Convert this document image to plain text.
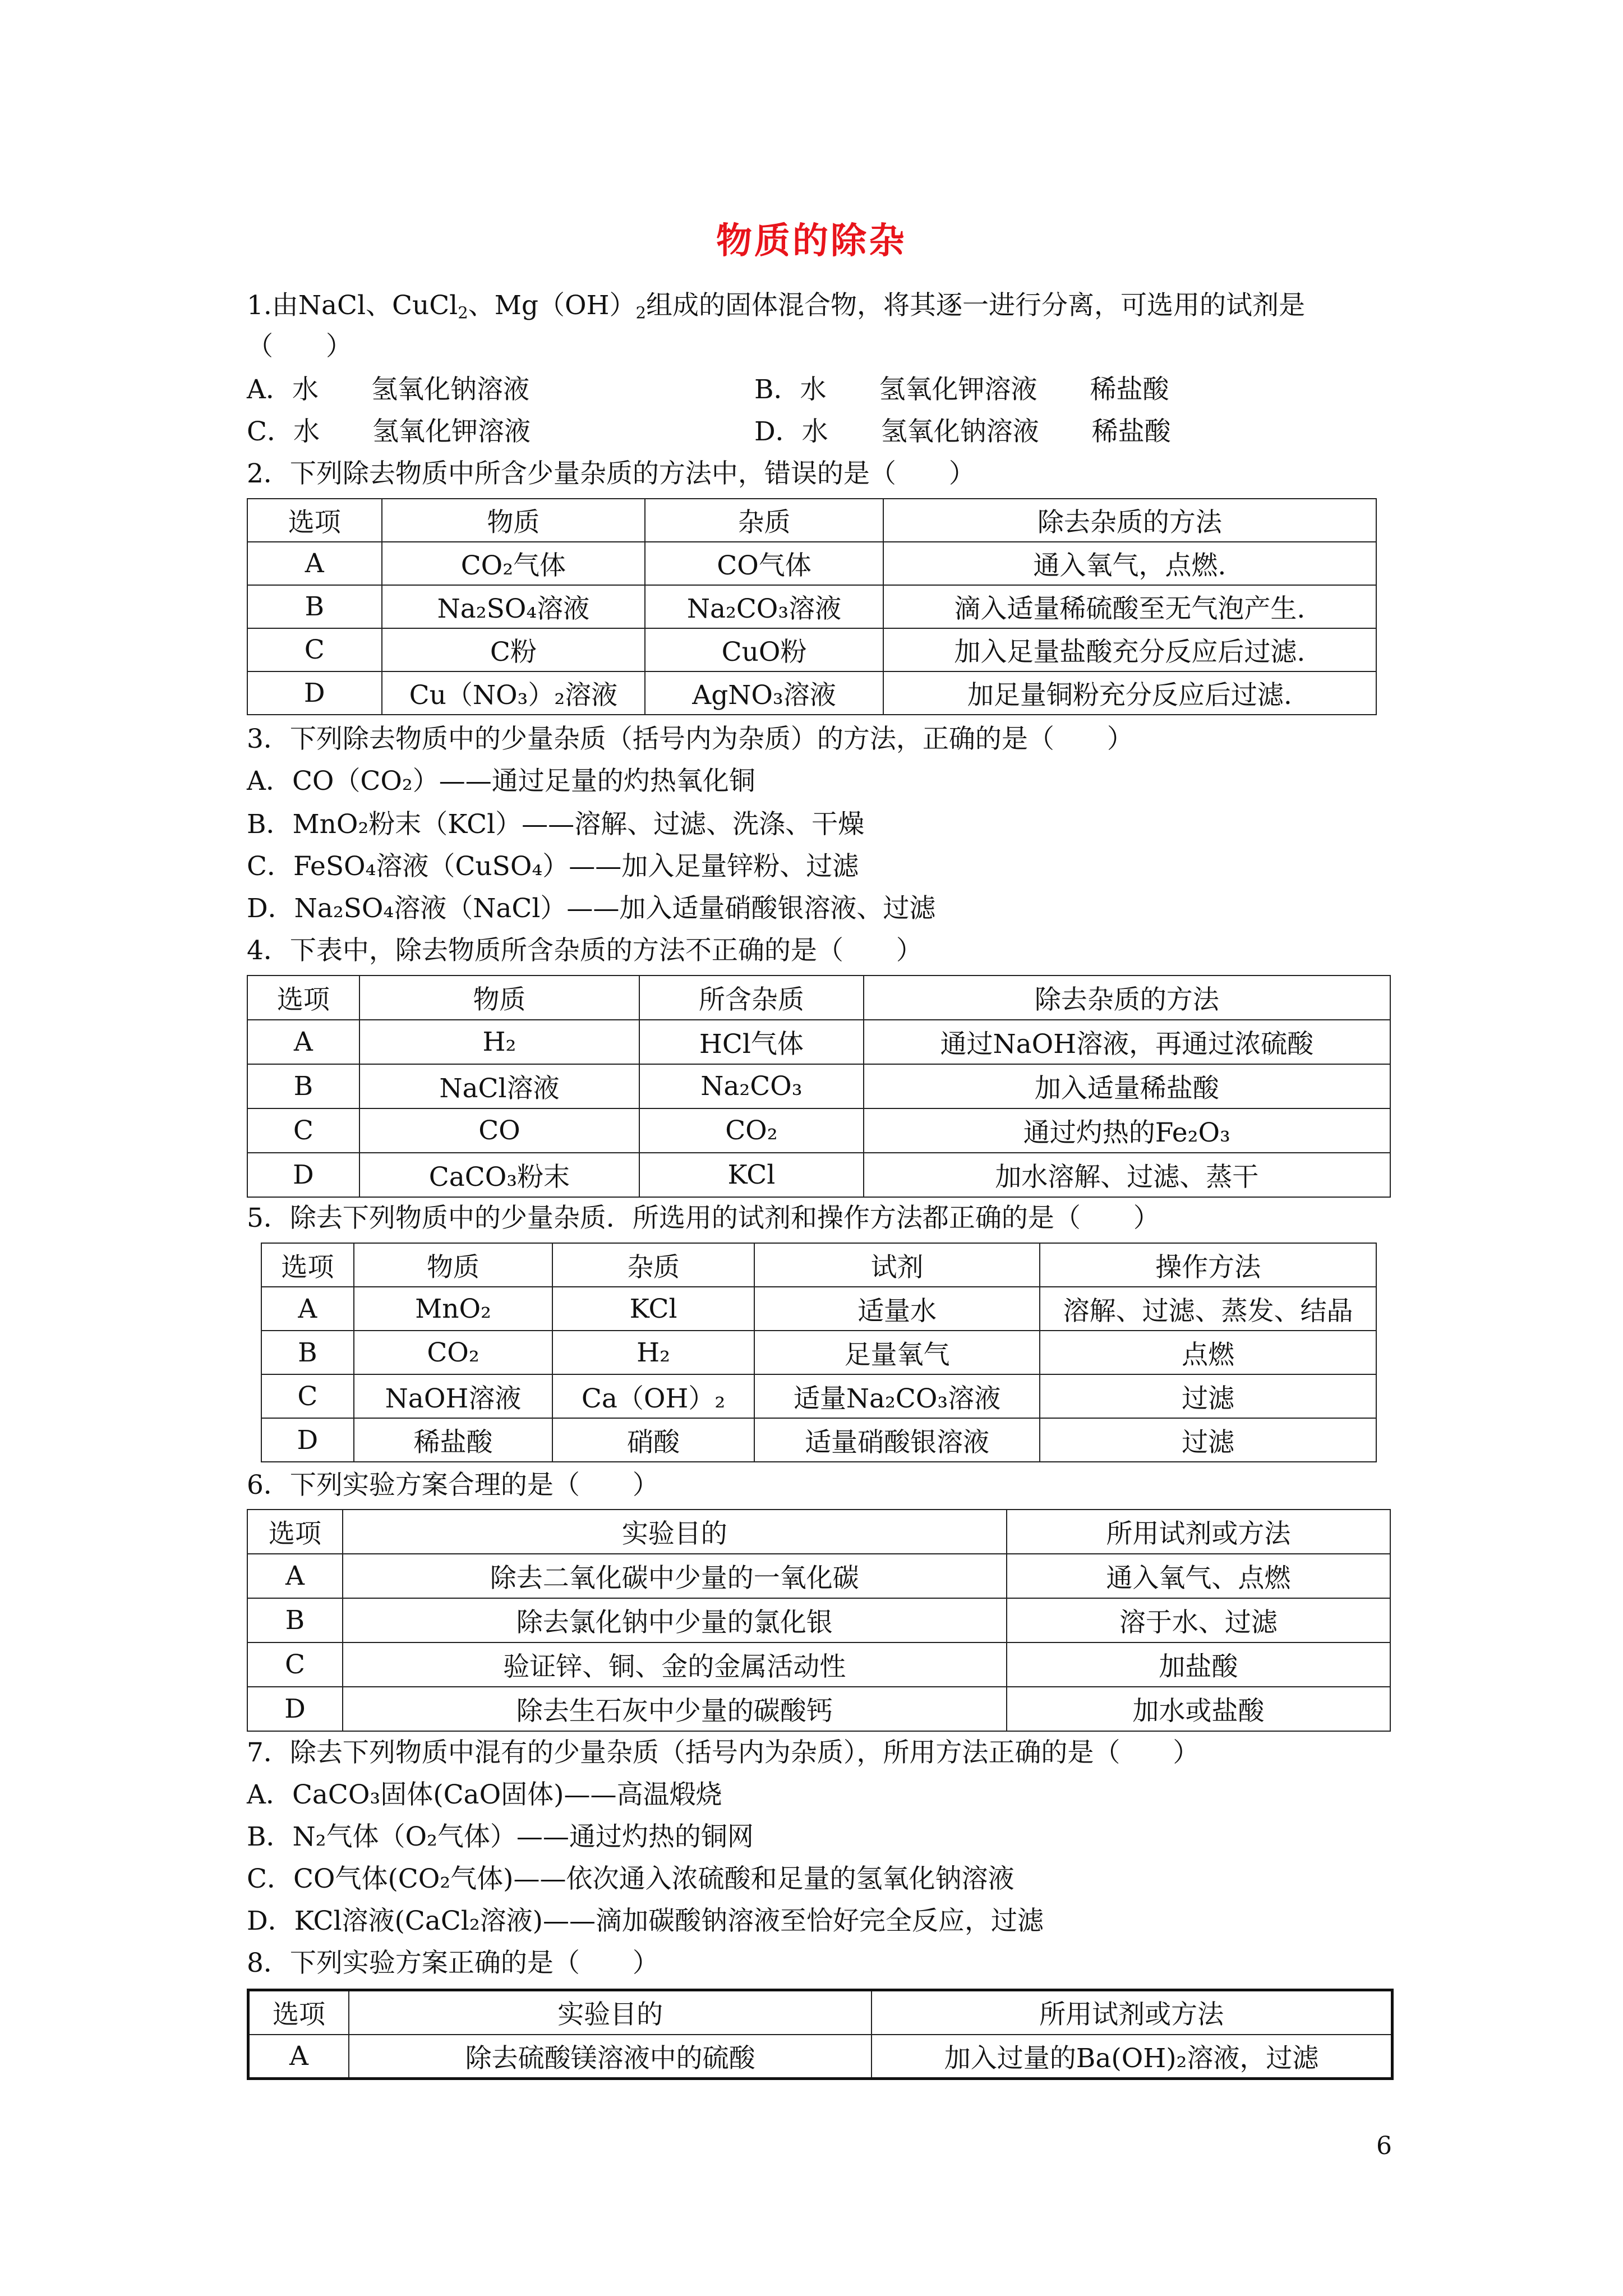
物质的除杂
1.由NaCl、CuCl$_2$、$Mg(OH)_2$组成的固体混合物，将其逐一进行分离，可选用的试剂是
（　　）
A．水　　氢氧化钠溶液	B．水　　氢氧化钾溶液　　稀盐酸
C．水　　氢氧化钾溶液	D．水　　氢氧化钠溶液　　稀盐酸
2．下列除去物质中所含少量杂质的方法中，错误的是（　　）
选项	物质	杂质	除去杂质的方法
A	CO₂气体	CO气体	通入氧气，点燃.
B	Na₂SO₄溶液	Na₂CO₃溶液	滴入适量稀硫酸至无气泡产生.
C	C粉	CuO粉	加入足量盐酸充分反应后过滤.
D	Cu（NO₃）₂溶液	AgNO₃溶液	加足量铜粉充分反应后过滤.
3．下列除去物质中的少量杂质（括号内为杂质）的方法，正确的是（　　）
A．CO（CO₂）——通过足量的灼热氧化铜
B．MnO₂粉末（KCl）——溶解、过滤、洗涤、干燥
C．FeSO₄溶液（CuSO₄）——加入足量锌粉、过滤
D．Na₂SO₄溶液（NaCl）——加入适量硝酸银溶液、过滤
4．下表中，除去物质所含杂质的方法不正确的是（　　）
选项	物质	所含杂质	除去杂质的方法
A	H₂	HCl气体	通过NaOH溶液，再通过浓硫酸
B	NaCl溶液	Na₂CO₃	加入适量稀盐酸
C	CO	CO₂	通过灼热的Fe₂O₃
D	CaCO₃粉末	KCl	加水溶解、过滤、蒸干
5．除去下列物质中的少量杂质．所选用的试剂和操作方法都正确的是（　　）
选项	物质	杂质	试剂	操作方法
A	MnO₂	KCl	适量水	溶解、过滤、蒸发、结晶
B	CO₂	H₂	足量氧气	点燃
C	NaOH溶液	Ca（OH）₂	适量Na₂CO₃溶液	过滤
D	稀盐酸	硝酸	适量硝酸银溶液	过滤
6．下列实验方案合理的是（　　）
选项	实验目的	所用试剂或方法
A	除去二氧化碳中少量的一氧化碳	通入氧气、点燃
B	除去氯化钠中少量的氯化银	溶于水、过滤
C	验证锌、铜、金的金属活动性	加盐酸
D	除去生石灰中少量的碳酸钙	加水或盐酸
7．除去下列物质中混有的少量杂质（括号内为杂质），所用方法正确的是（　　）
A．CaCO₃固体(CaO固体)——高温煅烧
B．N₂气体（O₂气体）——通过灼热的铜网
C．CO气体(CO₂气体)——依次通入浓硫酸和足量的氢氧化钠溶液
D．KCl溶液(CaCl₂溶液)——滴加碳酸钠溶液至恰好完全反应，过滤
8．下列实验方案正确的是（　　）
选项	实验目的	所用试剂或方法
A	除去硫酸镁溶液中的硫酸	加入过量的Ba(OH)₂溶液，过滤
6
